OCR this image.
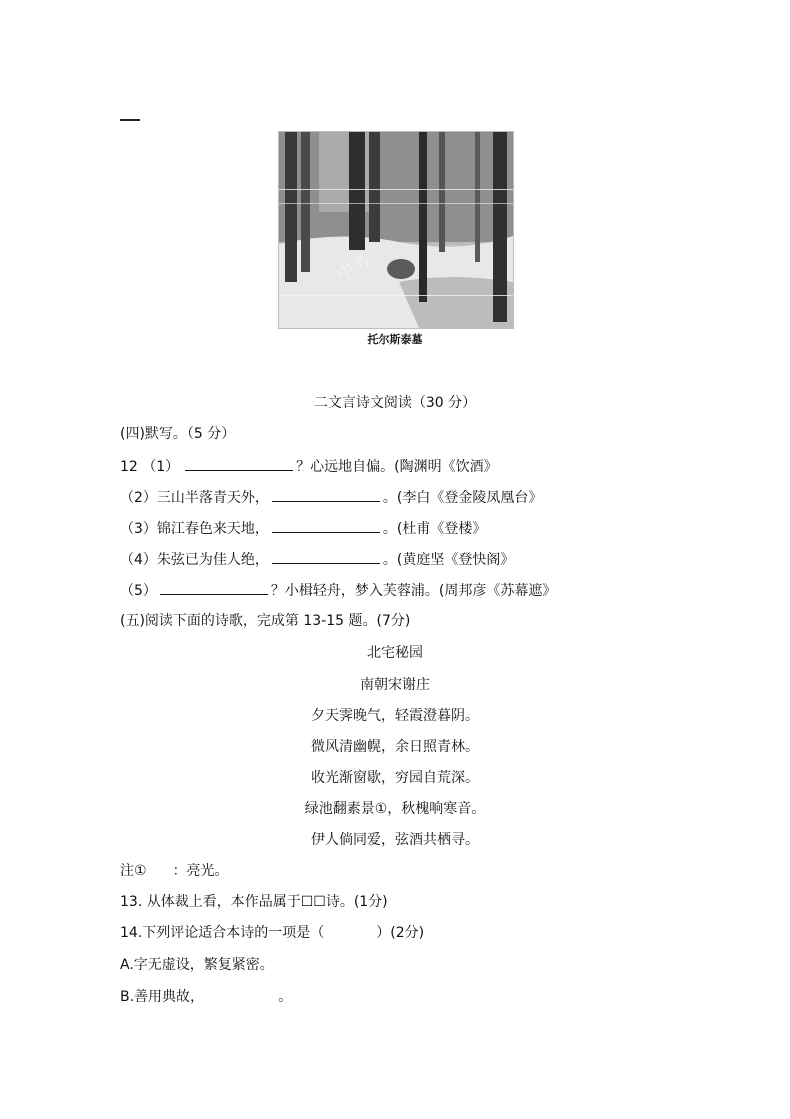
中考
托尔斯泰墓
二文言诗文阅读（30 分）
(四)默写。（5 分）
12 （1）	？心远地自偏。(陶渊明《饮酒》
（2）三山半落青天外，	。(李白《登金陵凤凰台》
（3）锦江春色来天地，	。(杜甫《登楼》
（4）朱弦已为佳人绝，	。(黄庭坚《登快阁》
（5）	？小楫轻舟，梦入芙蓉浦。(周邦彦《苏幕遮》
(五)阅读下面的诗歌，完成第 13-15 题。(7分)
北宅秘园
南朝宋谢庄
夕天霁晚气，轻霞澄暮阴。
微风清幽幌，余日照青林。
收光渐窗歇，穷园自荒深。
绿池翻素景①，秋槐响寒音。
伊人倘同爱，弦酒共栖寻。
注① ：亮光。
13. 从体裁上看，本作品属于☐☐诗。(1分)
14.下列评论适合本诗的一项是（	）(2分)
A.字无虚设，繁复紧密。
B.善用典故，	。
